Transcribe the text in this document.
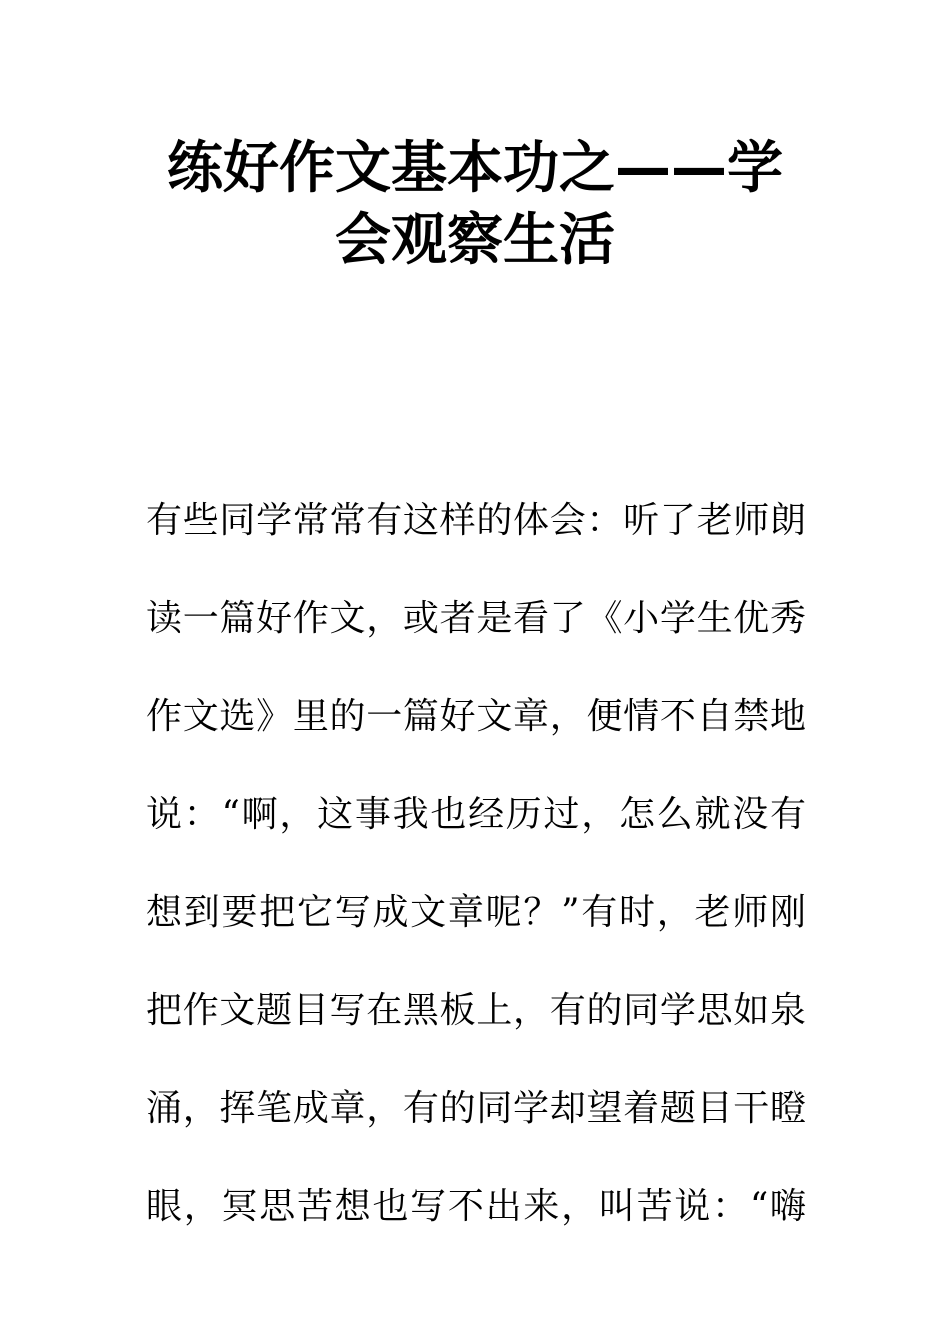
练好作文基本功之——学
会观察生活
有些同学常常有这样的体会：听了老师朗
读一篇好作文，或者是看了《小学生优秀
作文选》里的一篇好文章，便情不自禁地
说：“啊，这事我也经历过，怎么就没有
想到要把它写成文章呢？”有时，老师刚
把作文题目写在黑板上，有的同学思如泉
涌，挥笔成章，有的同学却望着题目干瞪
眼，冥思苦想也写不出来，叫苦说：“嗨
